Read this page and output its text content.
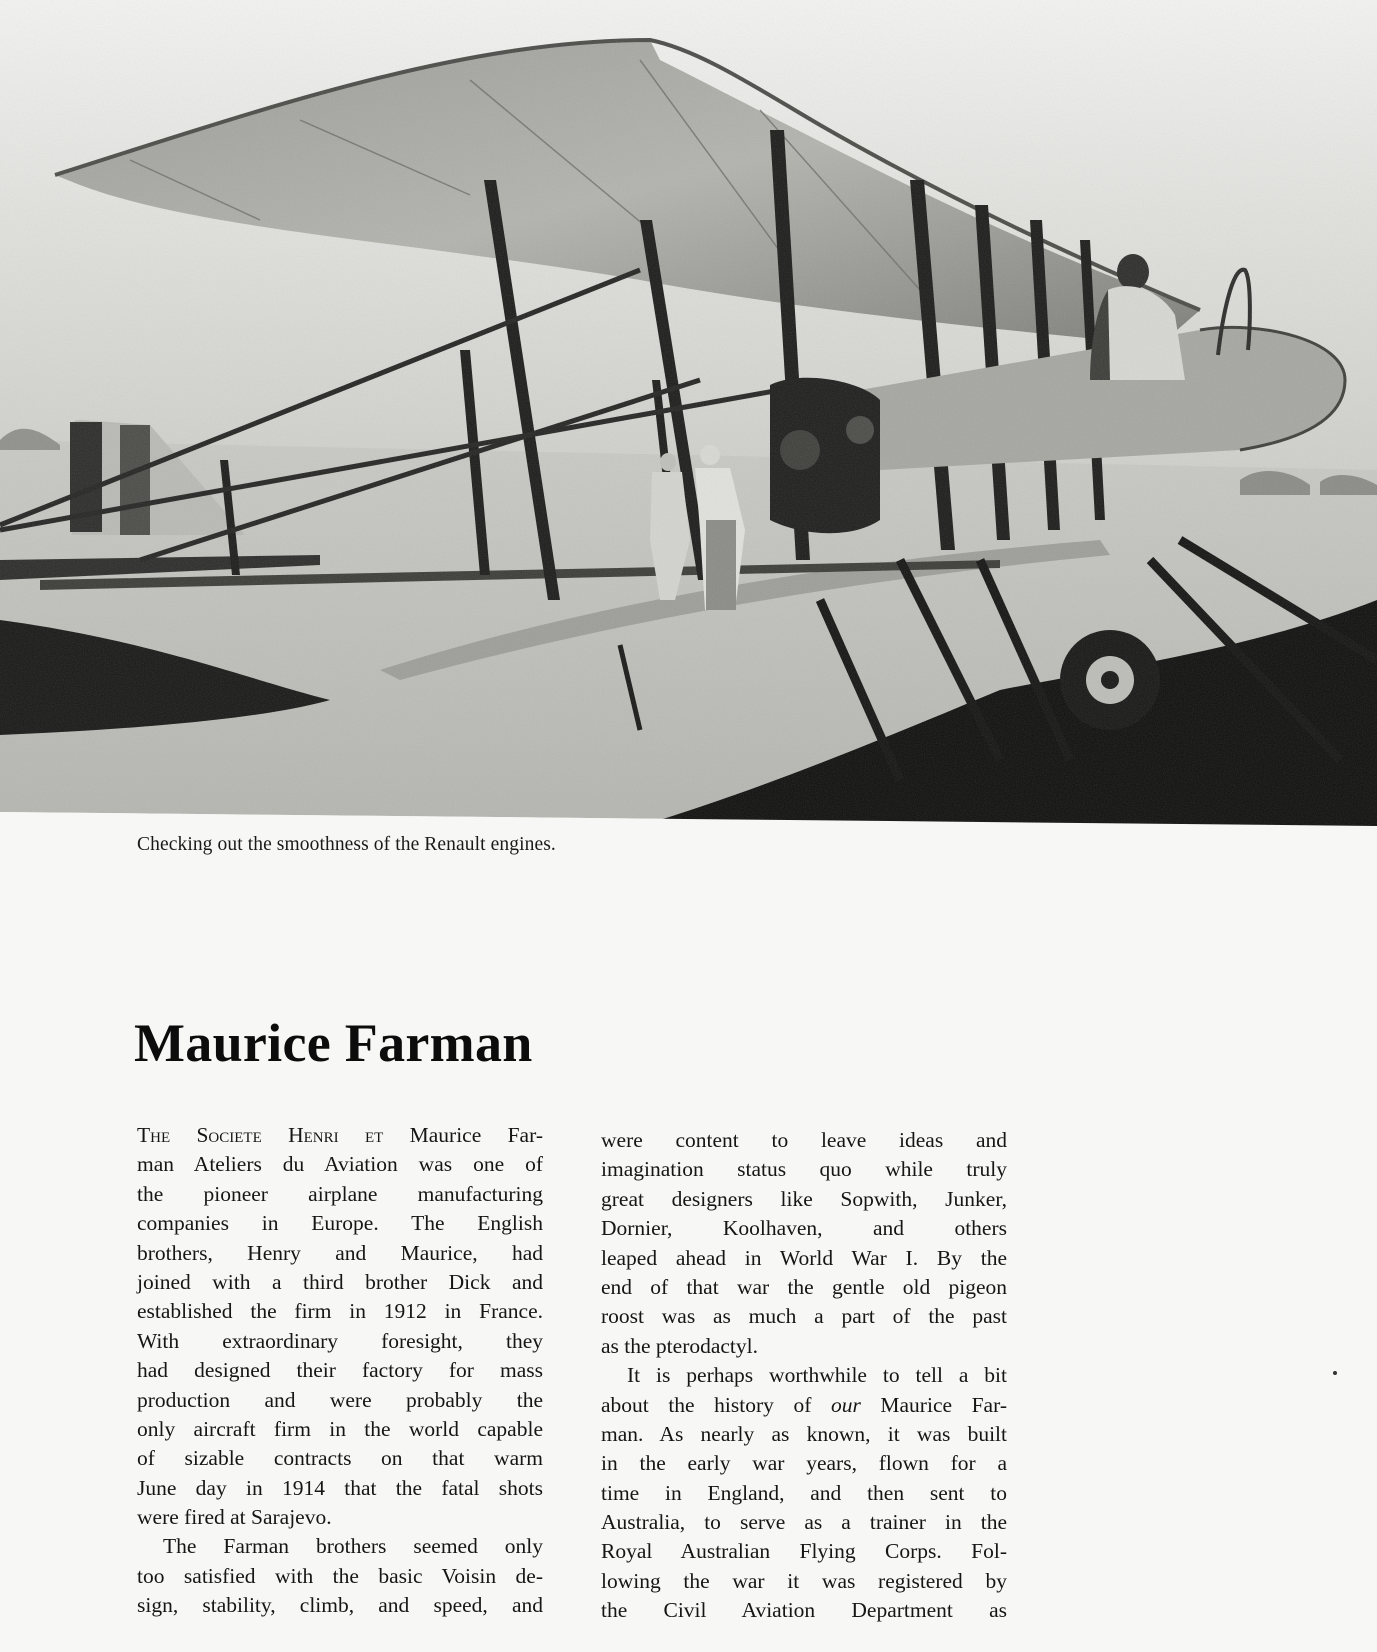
Checking out the smoothness of the Renault engines.
Maurice Farman
The Societe Henri et Maurice Far-
man Ateliers du Aviation was one of
the pioneer airplane manufacturing
companies in Europe. The English
brothers, Henry and Maurice, had
joined with a third brother Dick and
established the firm in 1912 in France.
With extraordinary foresight, they
had designed their factory for mass
production and were probably the
only aircraft firm in the world capable
of sizable contracts on that warm
June day in 1914 that the fatal shots
were fired at Sarajevo.
The Farman brothers seemed only
too satisfied with the basic Voisin de-
sign, stability, climb, and speed, and
were content to leave ideas and
imagination status quo while truly
great designers like Sopwith, Junker,
Dornier, Koolhaven, and others
leaped ahead in World War I. By the
end of that war the gentle old pigeon
roost was as much a part of the past
as the pterodactyl.
It is perhaps worthwhile to tell a bit
about the history of our Maurice Far-
man. As nearly as known, it was built
in the early war years, flown for a
time in England, and then sent to
Australia, to serve as a trainer in the
Royal Australian Flying Corps. Fol-
lowing the war it was registered by
the Civil Aviation Department as
